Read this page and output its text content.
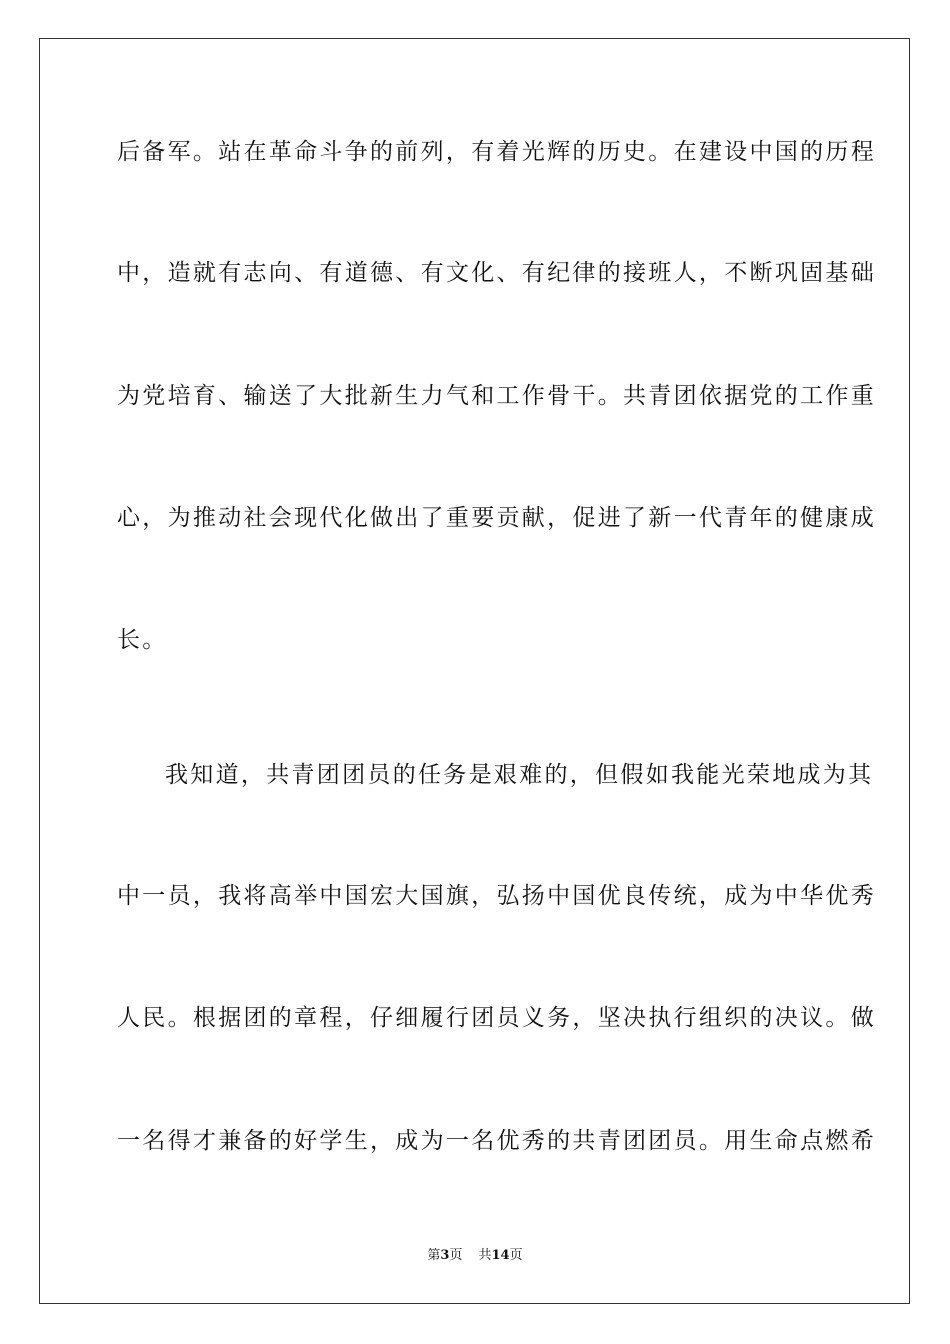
后备军。站在革命斗争的前列，有着光辉的历史。在建设中国的历程
中，造就有志向、有道德、有文化、有纪律的接班人，不断巩固基础
为党培育、输送了大批新生力气和工作骨干。共青团依据党的工作重
心，为推动社会现代化做出了重要贡献，促进了新一代青年的健康成
长。
我知道，共青团团员的任务是艰难的，但假如我能光荣地成为其
中一员，我将高举中国宏大国旗，弘扬中国优良传统，成为中华优秀
人民。根据团的章程，仔细履行团员义务，坚决执行组织的决议。做
一名得才兼备的好学生，成为一名优秀的共青团团员。用生命点燃希
第3页 共14页
